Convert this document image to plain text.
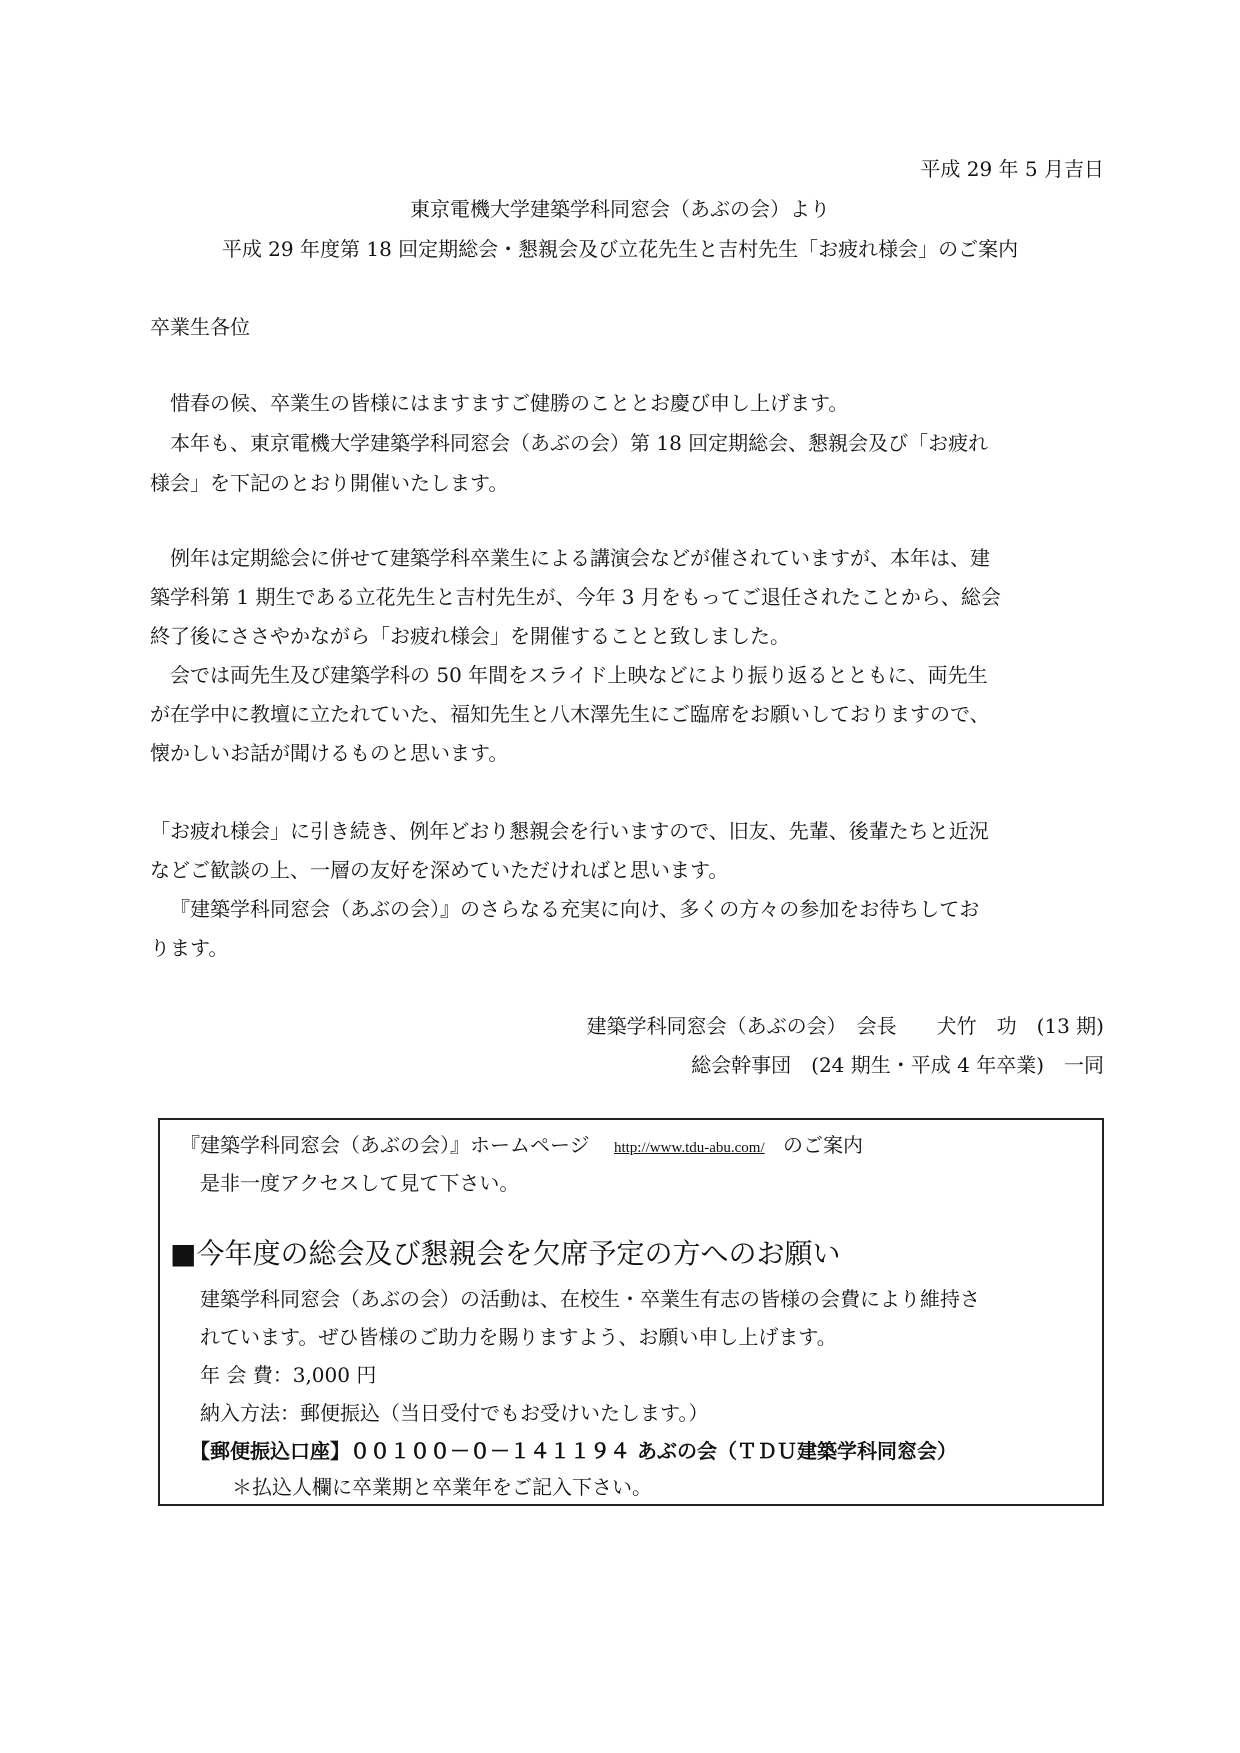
平成 29 年 5 月吉日
東京電機大学建築学科同窓会（あぶの会）より
平成 29 年度第 18 回定期総会・懇親会及び立花先生と吉村先生「お疲れ様会」のご案内
卒業生各位
惜春の候、卒業生の皆様にはますますご健勝のこととお慶び申し上げます。
本年も、東京電機大学建築学科同窓会（あぶの会）第 18 回定期総会、懇親会及び「お疲れ
様会」を下記のとおり開催いたします。
例年は定期総会に併せて建築学科卒業生による講演会などが催されていますが、本年は、建
築学科第 1 期生である立花先生と吉村先生が、今年 3 月をもってご退任されたことから、総会
終了後にささやかながら「お疲れ様会」を開催することと致しました。
会では両先生及び建築学科の 50 年間をスライド上映などにより振り返るとともに、両先生
が在学中に教壇に立たれていた、福知先生と八木澤先生にご臨席をお願いしておりますので、
懐かしいお話が聞けるものと思います。
「お疲れ様会」に引き続き、例年どおり懇親会を行いますので、旧友、先輩、後輩たちと近況
などご歓談の上、一層の友好を深めていただければと思います。
『建築学科同窓会（あぶの会）』のさらなる充実に向け、多くの方々の参加をお待ちしてお
ります。
建築学科同窓会（あぶの会）　会長　　犬竹　功　(13 期)
総会幹事団　(24 期生・平成 4 年卒業)　一同
『建築学科同窓会（あぶの会）』ホームページ http://www.tdu-abu.com/ のご案内
是非一度アクセスして見て下さい。
■今年度の総会及び懇親会を欠席予定の方へのお願い
建築学科同窓会（あぶの会）の活動は、在校生・卒業生有志の皆様の会費により維持さ
れています。ぜひ皆様のご助力を賜りますよう、お願い申し上げます。
年 会 費：3,000 円
納入方法：郵便振込（当日受付でもお受けいたします。）
【郵便振込口座】００１００－０－１４１１９４ あぶの会（ＴＤＵ建築学科同窓会）
＊払込人欄に卒業期と卒業年をご記入下さい。
